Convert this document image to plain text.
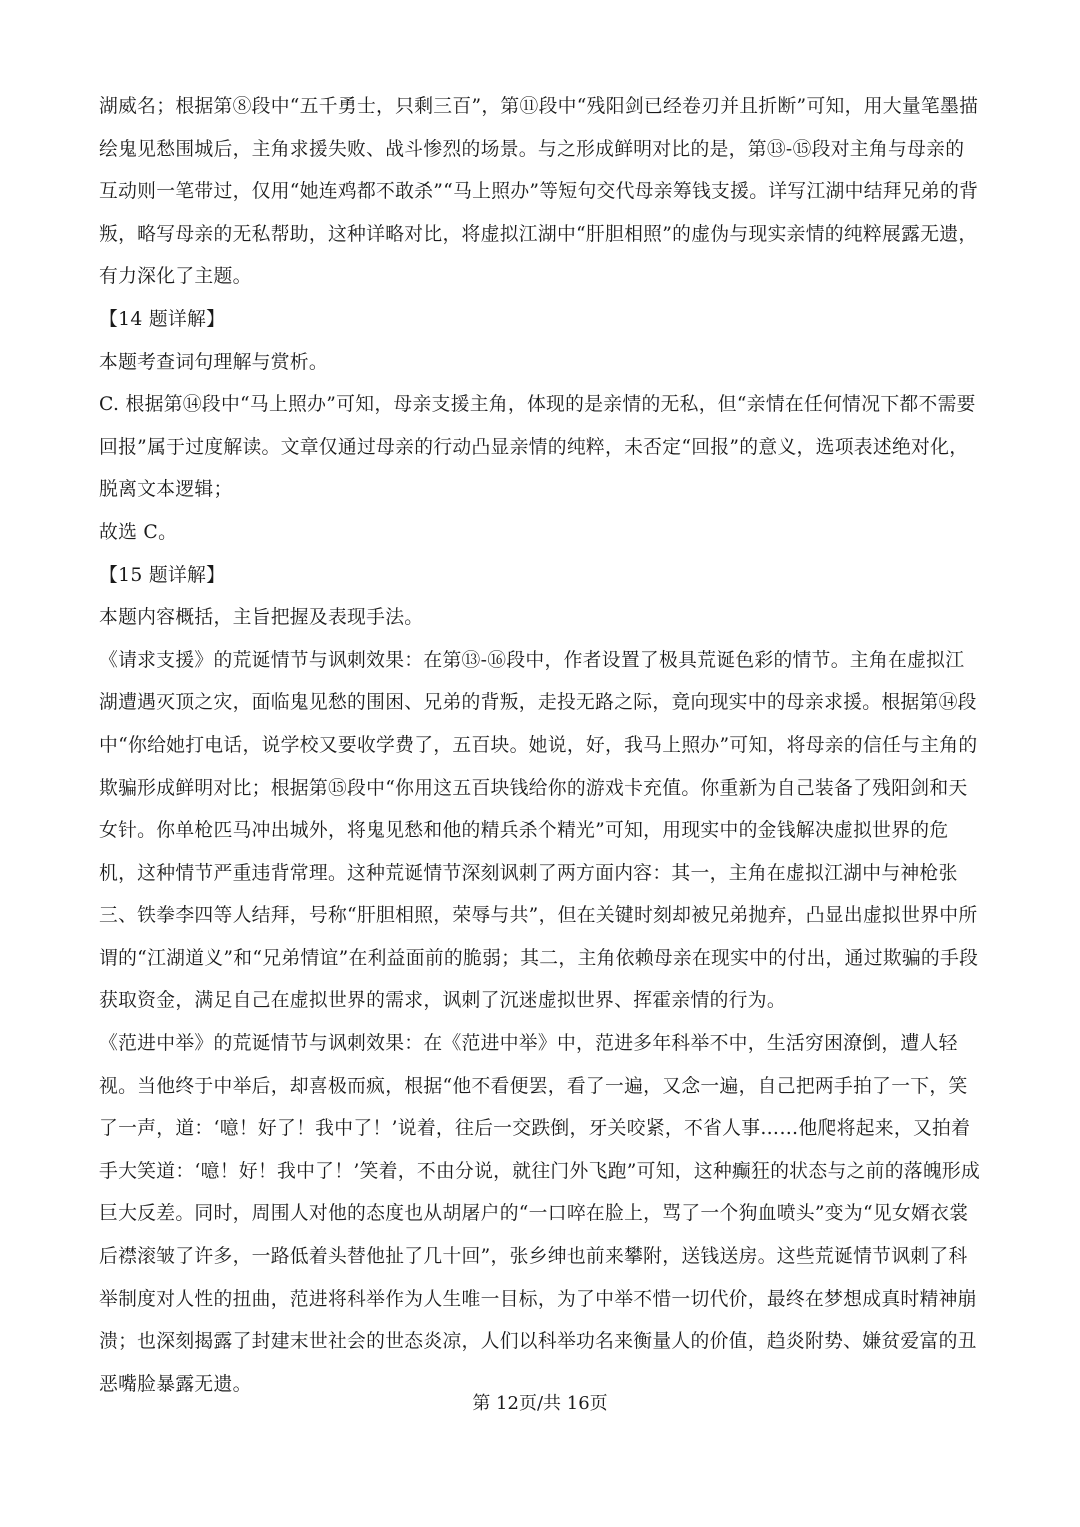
湖威名；根据第⑧段中“五千勇士，只剩三百”，第⑪段中“残阳剑已经卷刃并且折断”可知，用大量笔墨描绘鬼见愁围城后，主角求援失败、战斗惨烈的场景。与之形成鲜明对比的是，第⑬-⑮段对主角与母亲的互动则一笔带过，仅用“她连鸡都不敢杀”“马上照办”等短句交代母亲筹钱支援。详写江湖中结拜兄弟的背叛，略写母亲的无私帮助，这种详略对比，将虚拟江湖中“肝胆相照”的虚伪与现实亲情的纯粹展露无遗，有力深化了主题。

【14 题详解】

本题考查词句理解与赏析。

C. 根据第⑭段中“马上照办”可知，母亲支援主角，体现的是亲情的无私，但“亲情在任何情况下都不需要回报”属于过度解读。文章仅通过母亲的行动凸显亲情的纯粹，未否定“回报”的意义，选项表述绝对化，脱离文本逻辑；

故选 C。

【15 题详解】

本题内容概括，主旨把握及表现手法。

《请求支援》的荒诞情节与讽刺效果：在第⑬-⑯段中，作者设置了极具荒诞色彩的情节。主角在虚拟江湖遭遇灭顶之灾，面临鬼见愁的围困、兄弟的背叛，走投无路之际，竟向现实中的母亲求援。根据第⑭段中“你给她打电话，说学校又要收学费了，五百块。她说，好，我马上照办”可知，将母亲的信任与主角的欺骗形成鲜明对比；根据第⑮段中“你用这五百块钱给你的游戏卡充值。你重新为自己装备了残阳剑和天女针。你单枪匹马冲出城外，将鬼见愁和他的精兵杀个精光”可知，用现实中的金钱解决虚拟世界的危机，这种情节严重违背常理。这种荒诞情节深刻讽刺了两方面内容：其一，主角在虚拟江湖中与神枪张三、铁拳李四等人结拜，号称“肝胆相照，荣辱与共”，但在关键时刻却被兄弟抛弃，凸显出虚拟世界中所谓的“江湖道义”和“兄弟情谊”在利益面前的脆弱；其二，主角依赖母亲在现实中的付出，通过欺骗的手段获取资金，满足自己在虚拟世界的需求，讽刺了沉迷虚拟世界、挥霍亲情的行为。

《范进中举》的荒诞情节与讽刺效果：在《范进中举》中，范进多年科举不中，生活穷困潦倒，遭人轻视。当他终于中举后，却喜极而疯，根据“他不看便罢，看了一遍，又念一遍，自己把两手拍了一下，笑了一声，道：‘噫！好了！我中了！’说着，往后一交跌倒，牙关咬紧，不省人事……他爬将起来，又拍着手大笑道：‘噫！好！我中了！’笑着，不由分说，就往门外飞跑”可知，这种癫狂的状态与之前的落魄形成巨大反差。同时，周围人对他的态度也从胡屠户的“一口啐在脸上，骂了一个狗血喷头”变为“见女婿衣裳后襟滚皱了许多，一路低着头替他扯了几十回”，张乡绅也前来攀附，送钱送房。这些荒诞情节讽刺了科举制度对人性的扭曲，范进将科举作为人生唯一目标，为了中举不惜一切代价，最终在梦想成真时精神崩溃；也深刻揭露了封建末世社会的世态炎凉，人们以科举功名来衡量人的价值，趋炎附势、嫌贫爱富的丑恶嘴脸暴露无遗。

第 12页/共 16页
